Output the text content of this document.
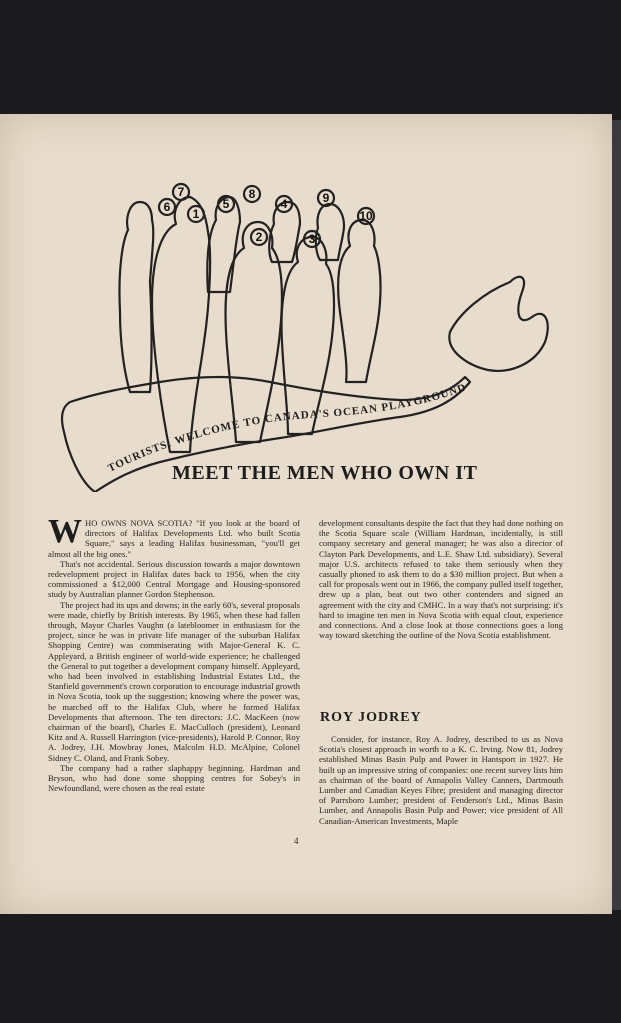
6
7
1
5
8
4	9
10
2	3
TOURISTS: WELCOME TO CANADA'S OCEAN PLAYGROUND
MEET THE MEN WHO OWN IT

WHO OWNS NOVA SCOTIA? "If you look at the board of directors of Halifax Developments Ltd. who built Scotia Square," says a leading Halifax businessman, "you'll get almost all the big ones."

That's not accidental. Serious discussion towards a major downtown redevelopment project in Halifax dates back to 1956, when the city commissioned a $12,000 Central Mortgage and Housing-sponsored study by Australian planner Gordon Stephenson.

The project had its ups and downs; in the early 60's, several proposals were made, chiefly by British interests. By 1965, when these had fallen through, Mayor Charles Vaughn (a latebloomer in enthusiasm for the project, since he was in private life manager of the suburban Halifax Shopping Centre) was commiserating with Major-General K. C. Appleyard, a British engineer of world-wide experience; he challenged the General to put together a development company himself. Appleyard, who had been involved in establishing Industrial Estates Ltd., the Stanfield government's crown corporation to encourage industrial growth in Nova Scotia, took up the suggestion; knowing where the power was, he marched off to the Halifax Club, where he formed Halifax Developments that afternoon. The ten directors: J.C. MacKeen (now chairman of the board), Charles E. MacCulloch (president), Leonard Kitz and A. Russell Harrington (vice-presidents), Harold P. Connor, Roy A. Jodrey, J.H. Mowbray Jones, Malcolm H.D. McAlpine, Colonel Sidney C. Oland, and Frank Sobey.

The company had a rather slaphappy beginning. Hardman and Bryson, who had done some shopping centres for Sobey's in Newfoundland, were chosen as the real estate

development consultants despite the fact that they had done nothing on the Scotia Square scale (William Hardman, incidentally, is still company secretary and general manager; he was also a director of Clayton Park Developments, and L.E. Shaw Ltd. subsidiary). Several major U.S. architects refused to take them seriously when they casually phoned to ask them to do a $30 million project. But when a call for proposals went out in 1966, the company pulled itself together, drew up a plan, beat out two other contenders and signed an agreement with the city and CMHC. In a way that's not surprising: it's hard to imagine ten men in Nova Scotia with equal clout, experience and connections. And a close look at those connections goes a long way toward sketching the outline of the Nova Scotia establishment.

ROY JODREY

Consider, for instance, Roy A. Jodrey, described to us as Nova Scotia's closest approach in worth to a K. C. Irving. Now 81, Jodrey established Minas Basin Pulp and Power in Hantsport in 1927. He built up an impressive string of companies: one recent survey lists him as chairman of the board of Annapolis Valley Canners, Dartmouth Lumber and Canadian Keyes Fibre; president and managing director of Parrsboro Lumber; president of Fenderson's Ltd., Minas Basin Lumber, and Annapolis Basin Pulp and Power; vice president of All Canadian-American Investments, Maple

4
